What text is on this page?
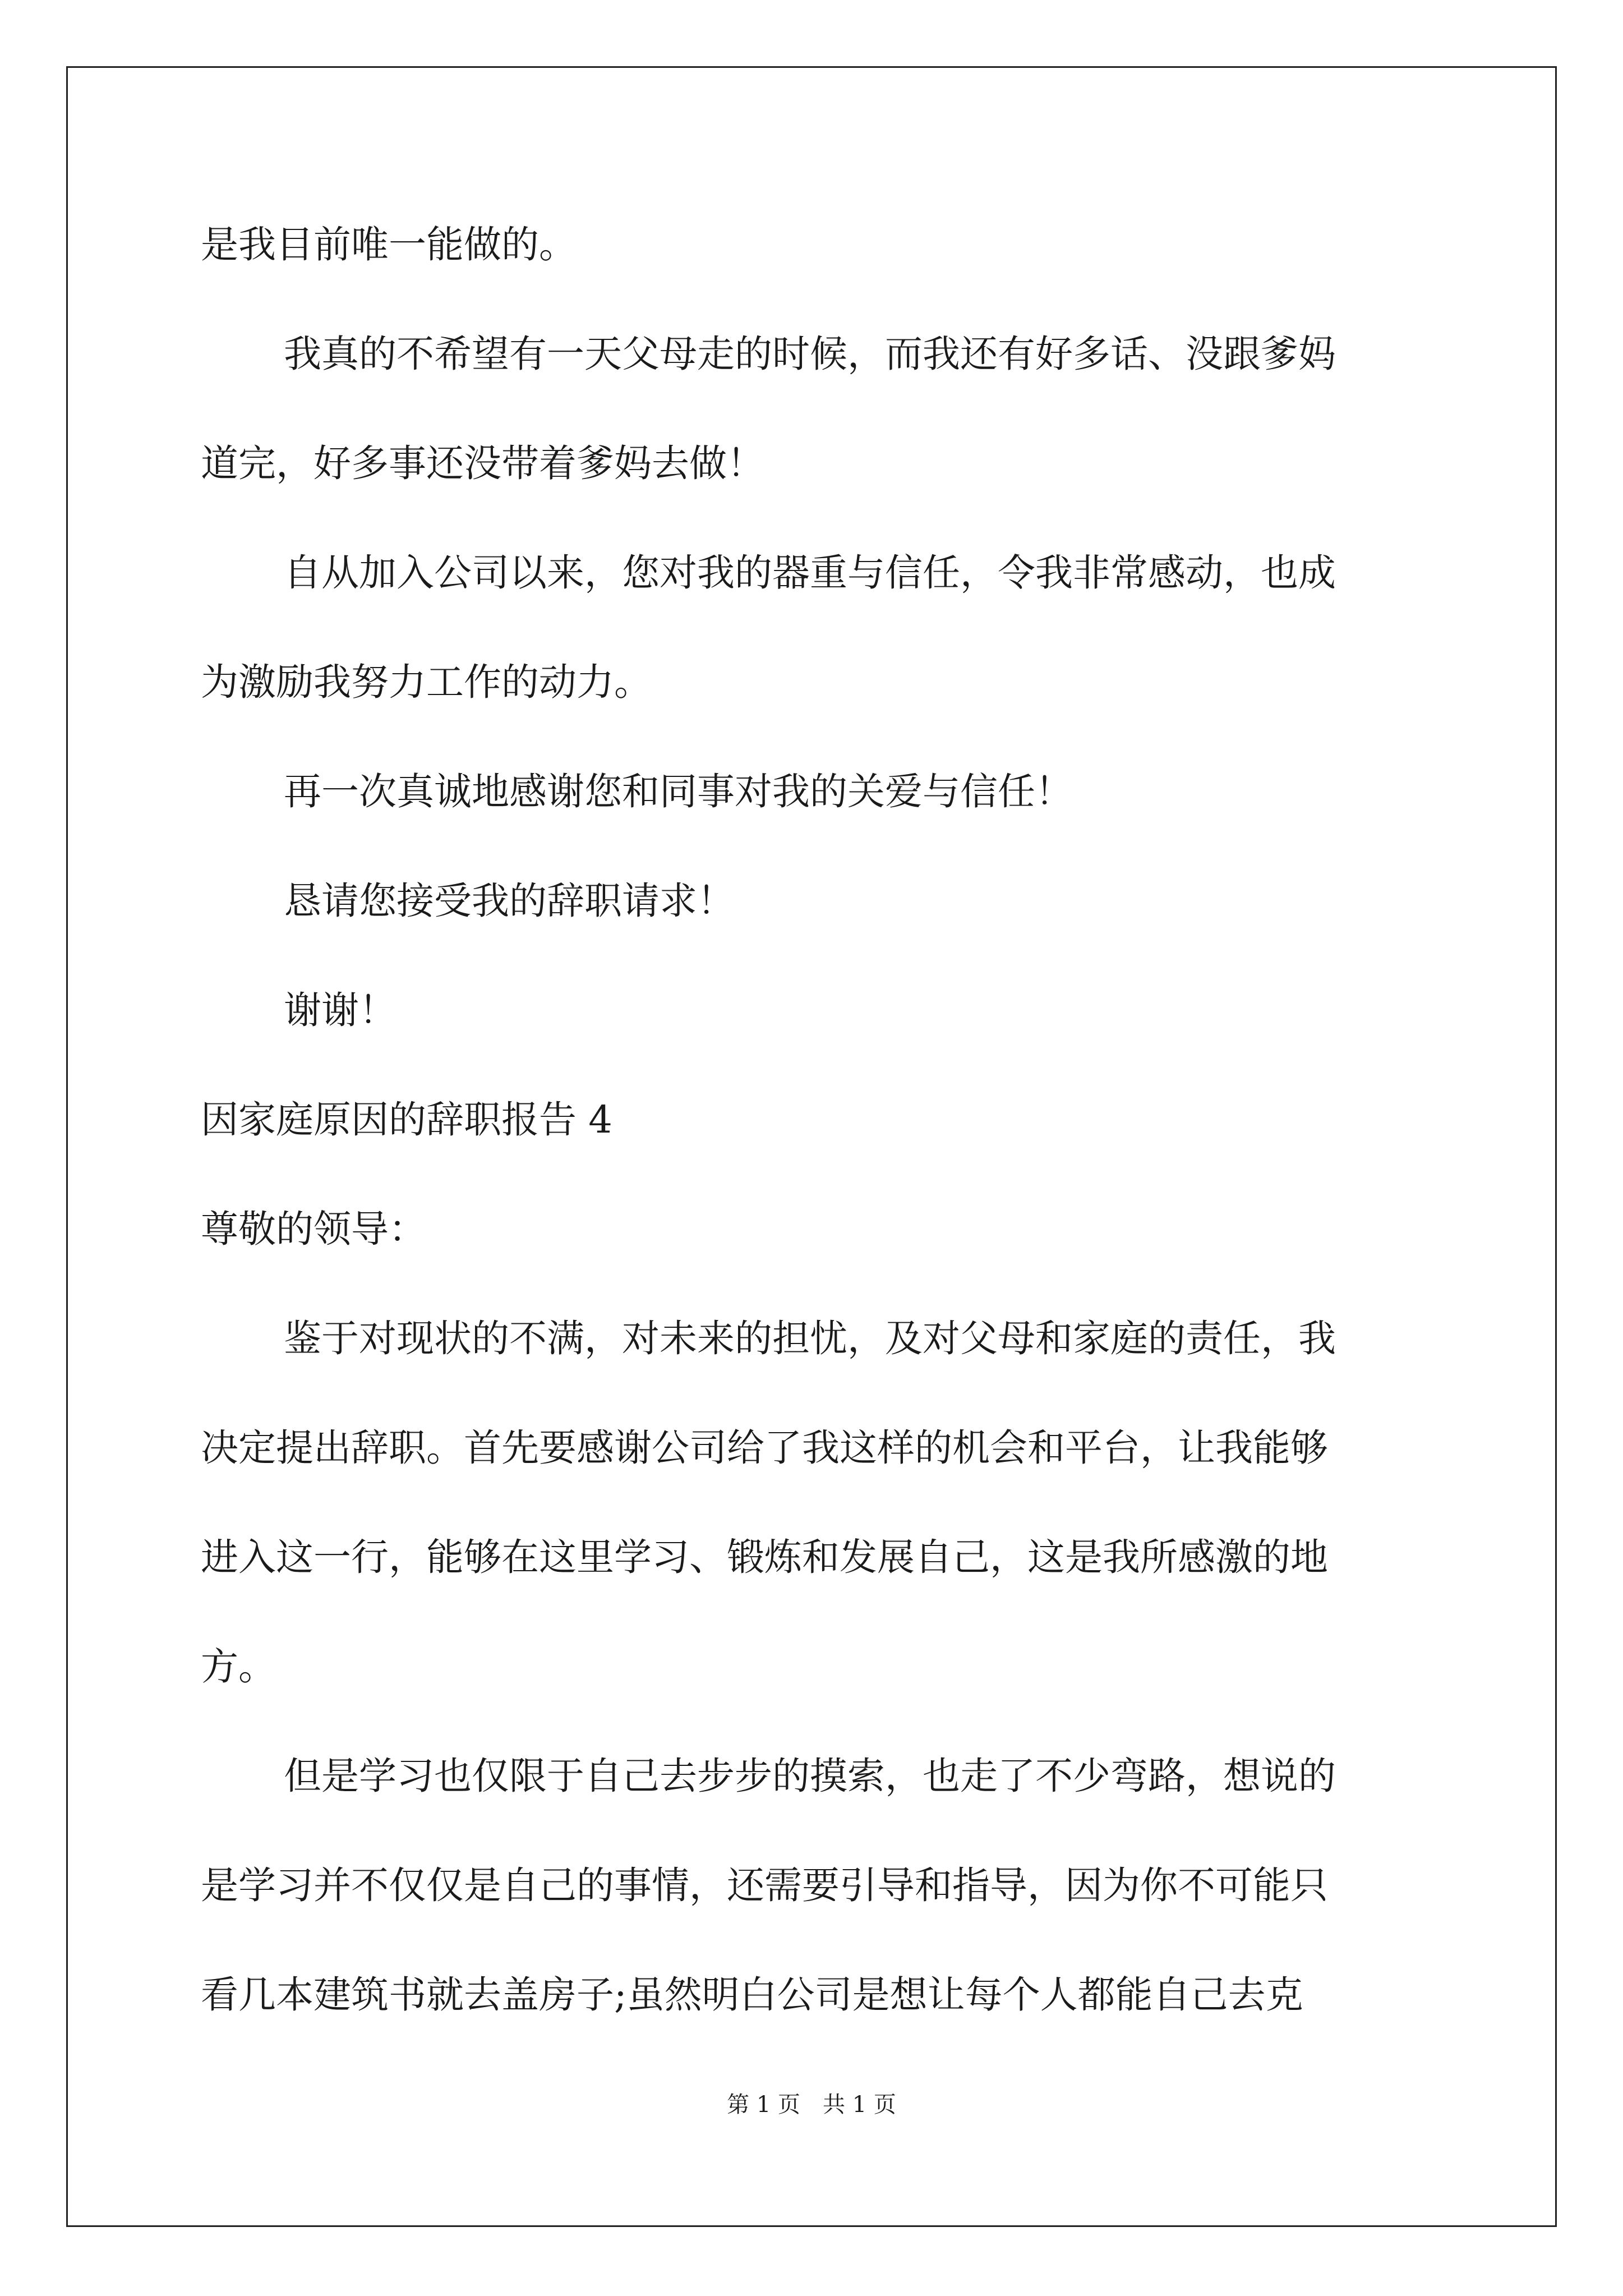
是我目前唯一能做的。
我真的不希望有一天父母走的时候，而我还有好多话、没跟爹妈
道完，好多事还没带着爹妈去做！
自从加入公司以来，您对我的器重与信任，令我非常感动，也成
为激励我努力工作的动力。
再一次真诚地感谢您和同事对我的关爱与信任！
恳请您接受我的辞职请求！
谢谢！
因家庭原因的辞职报告 4
尊敬的领导：
鉴于对现状的不满，对未来的担忧，及对父母和家庭的责任，我
决定提出辞职。首先要感谢公司给了我这样的机会和平台，让我能够
进入这一行，能够在这里学习、锻炼和发展自己，这是我所感激的地
方。
但是学习也仅限于自己去步步的摸索，也走了不少弯路，想说的
是学习并不仅仅是自己的事情，还需要引导和指导，因为你不可能只
看几本建筑书就去盖房子;虽然明白公司是想让每个人都能自己去克
第 1 页　共 1 页
